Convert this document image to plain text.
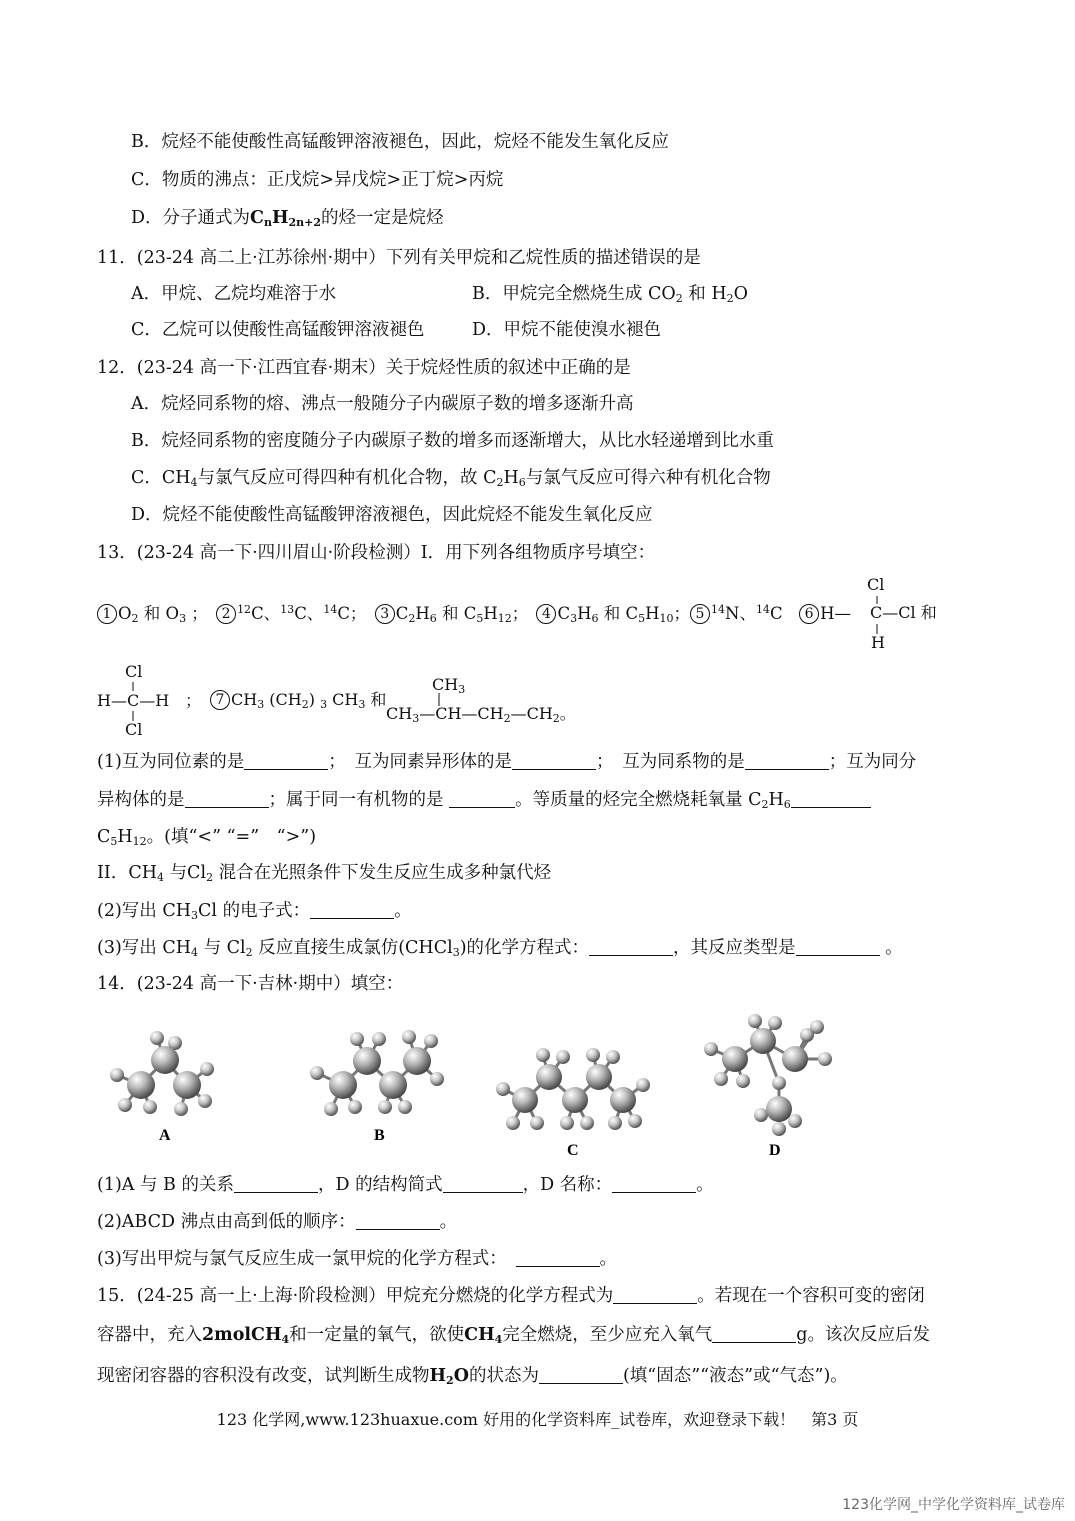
B．烷烃不能使酸性高锰酸钾溶液褪色，因此，烷烃不能发生氧化反应
C．物质的沸点：正戊烷>异戊烷>正丁烷>丙烷
D．分子通式为$C_nH_{2n+2}$的烃一定是烷烃
11．(23-24 高二上·江苏徐州·期中）下列有关甲烷和乙烷性质的描述错误的是
A．甲烷、乙烷均难溶于水	B．甲烷完全燃烧生成 $CO_2$ 和 $H_2O$
C．乙烷可以使酸性高锰酸钾溶液褪色	D．甲烷不能使溴水褪色
12．(23-24 高一下·江西宜春·期末）关于烷烃性质的叙述中正确的是
A．烷烃同系物的熔、沸点一般随分子内碳原子数的增多逐渐升高
B．烷烃同系物的密度随分子内碳原子数的增多而逐渐增大，从比水轻递增到比水重
C．$CH_4$与氯气反应可得四种有机化合物，故 $C_2H_6$与氯气反应可得六种有机化合物
D．烷烃不能使酸性高锰酸钾溶液褪色，因此烷烃不能发生氧化反应
13．(23-24 高一下·四川眉山·阶段检测）I．用下列各组物质序号填空：
1 $O_2$ 和 $O_3$ ；　2 $^{12}$C、$^{13}$C、$^{14}$C；　3 $C_2H_6$ 和 $C_5H_{12}$；　4 $C_3H_6$ 和 $C_5H_{10}$； 5 $^{14}$N、$^{14}$C　6 H—
Cl
C—Cl 和
H
Cl
H—C—H　；
Cl
7 $CH_3$ $(CH_2)$ $_3$ $CH_3$ 和
$CH_3$
$CH_3—CH—CH_2—CH_2$。
(1)互为同位素的是	；　互为同素异形体的是	；　互为同系物的是	；互为同分
异构体的是	；属于同一有机物的是	。等质量的烃完全燃烧耗氧量 $C_2H_6$
$C_5H_{12}$。(填“<” “=”　“>”)
II．$CH_4$ 与$Cl_2$ 混合在光照条件下发生反应生成多种氯代烃
(2)写出 $CH_3Cl$ 的电子式：	。
(3)写出 $CH_4$ 与 $Cl_2$ 反应直接生成氯仿(CHCl$_3$)的化学方程式：	，其反应类型是	。
14．(23-24 高一下·吉林·期中）填空：
A	B
C	D
(1)A 与 B 的关系	，D 的结构简式	，D 名称：	。
(2)ABCD 沸点由高到低的顺序：	。
(3)写出甲烷与氯气反应生成一氯甲烷的化学方程式：　	。
15．(24-25 高一上·上海·阶段检测）甲烷充分燃烧的化学方程式为	。若现在一个容积可变的密闭
容器中，充入2molCH$_4$和一定量的氧气，欲使$CH_4$完全燃烧，至少应充入氧气	g。该次反应后发
现密闭容器的容积没有改变，试判断生成物$H_2O$的状态为	(填“固态”“液态”或“气态”)。
123 化学网,www.123huaxue.com 好用的化学资料库_试卷库，欢迎登录下载！　第3 页
123化学网_中学化学资料库_试卷库
